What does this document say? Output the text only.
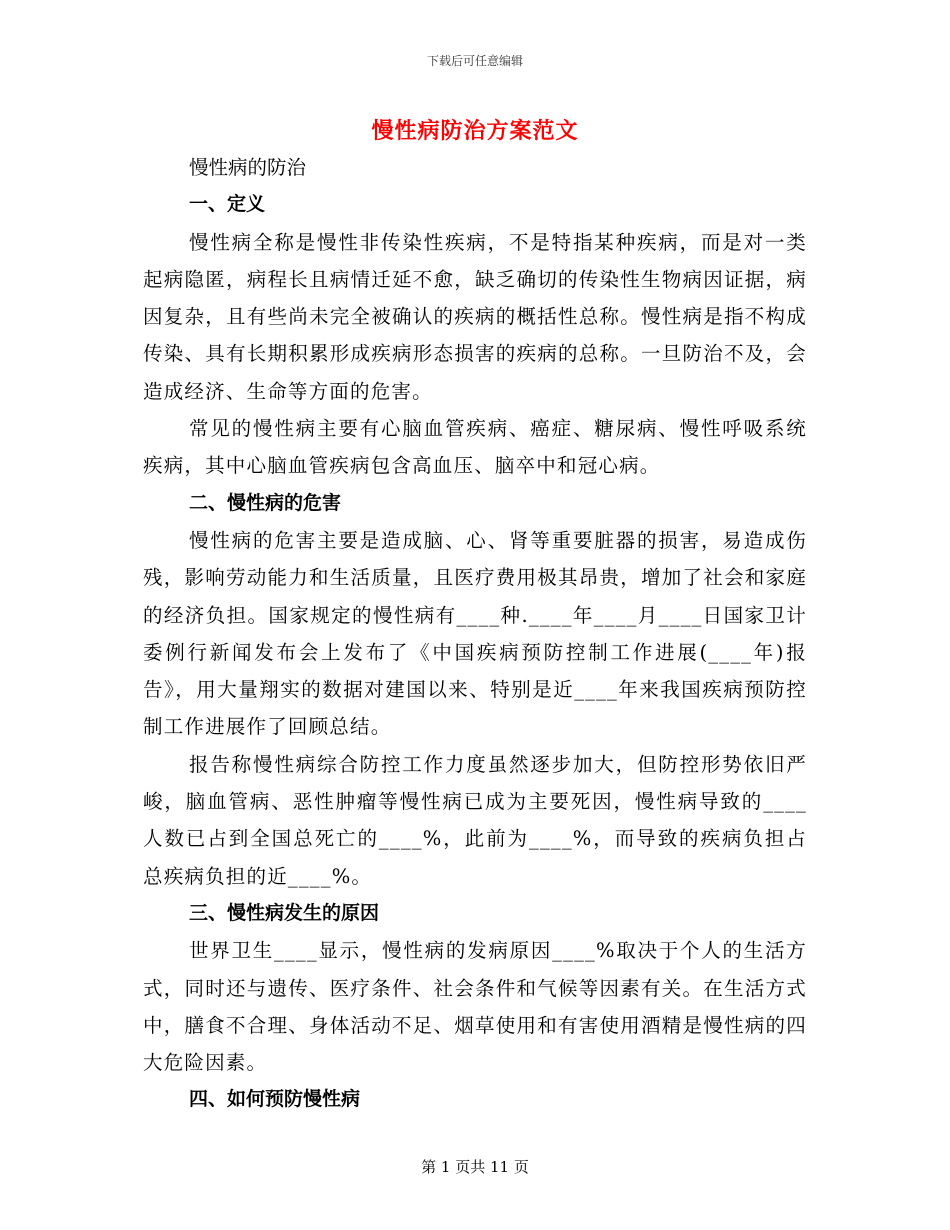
下载后可任意编辑
慢性病防治方案范文

慢性病的防治

一、定义

慢性病全称是慢性非传染性疾病，不是特指某种疾病，而是对一类起病隐匿，病程长且病情迁延不愈，缺乏确切的传染性生物病因证据，病因复杂，且有些尚未完全被确认的疾病的概括性总称。慢性病是指不构成传染、具有长期积累形成疾病形态损害的疾病的总称。一旦防治不及，会造成经济、生命等方面的危害。

常见的慢性病主要有心脑血管疾病、癌症、糖尿病、慢性呼吸系统疾病，其中心脑血管疾病包含高血压、脑卒中和冠心病。

二、慢性病的危害

慢性病的危害主要是造成脑、心、肾等重要脏器的损害，易造成伤残，影响劳动能力和生活质量，且医疗费用极其昂贵，增加了社会和家庭的经济负担。国家规定的慢性病有____种.____年____月____日国家卫计委例行新闻发布会上发布了《中国疾病预防控制工作进展(____年)报告》，用大量翔实的数据对建国以来、特别是近____年来我国疾病预防控制工作进展作了回顾总结。

报告称慢性病综合防控工作力度虽然逐步加大，但防控形势依旧严峻，脑血管病、恶性肿瘤等慢性病已成为主要死因，慢性病导致的____人数已占到全国总死亡的____%，此前为____%，而导致的疾病负担占总疾病负担的近____%。

三、慢性病发生的原因

世界卫生____显示，慢性病的发病原因____%取决于个人的生活方式，同时还与遗传、医疗条件、社会条件和气候等因素有关。在生活方式中，膳食不合理、身体活动不足、烟草使用和有害使用酒精是慢性病的四大危险因素。

四、如何预防慢性病

第 1 页共 11 页
